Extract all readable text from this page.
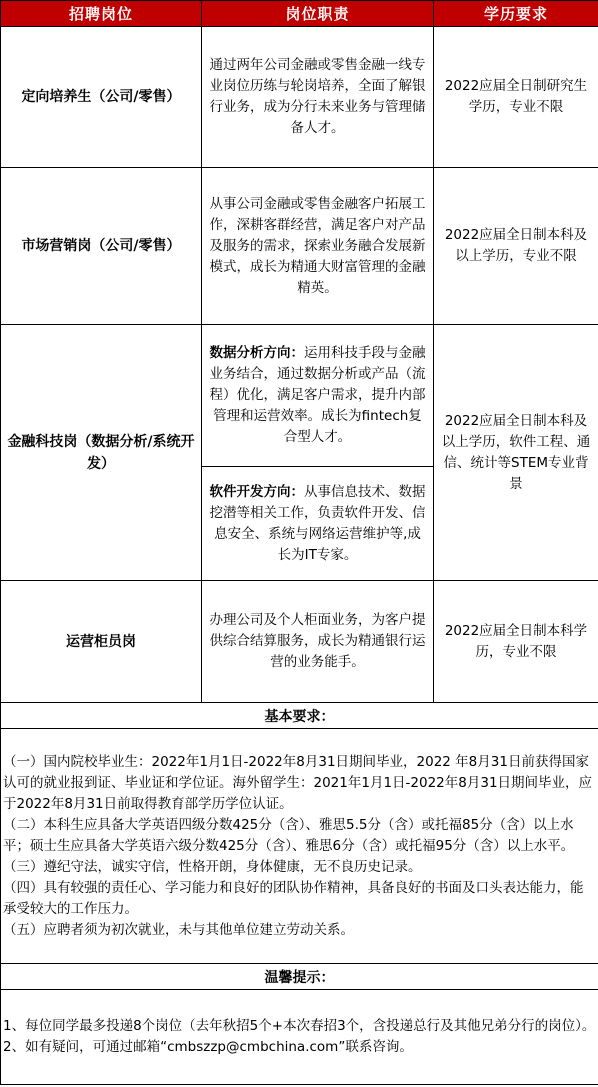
招聘岗位	岗位职责	学历要求
定向培养生（公司/零售）	通过两年公司金融或零售金融一线专业岗位历练与轮岗培养，全面了解银行业务，成为分行未来业务与管理储备人才。	2022应届全日制研究生学历，专业不限
市场营销岗（公司/零售）	从事公司金融或零售金融客户拓展工作，深耕客群经营，满足客户对产品及服务的需求，探索业务融合发展新模式，成长为精通大财富管理的金融精英。	2022应届全日制本科及以上学历，专业不限
金融科技岗（数据分析/系统开发）	数据分析方向：运用科技手段与金融业务结合，通过数据分析或产品（流程）优化，满足客户需求，提升内部管理和运营效率。成长为fintech复合型人才。	2022应届全日制本科及以上学历，软件工程、通信、统计等STEM专业背景
	软件开发方向：从事信息技术、数据挖潜等相关工作，负责软件开发、信息安全、系统与网络运营维护等,成长为IT专家。	
运营柜员岗	办理公司及个人柜面业务，为客户提供综合结算服务，成长为精通银行运营的业务能手。	2022应届全日制本科学历，专业不限
基本要求：		

（一）国内院校毕业生：2022年1月1日-2022年8月31日期间毕业，2022 年8月31日前获得国家认可的就业报到证、毕业证和学位证。海外留学生：2021年1月1日-2022年8月31日期间毕业，应于2022年8月31日前取得教育部学历学位认证。

（二）本科生应具备大学英语四级分数425分（含）、雅思5.5分（含）或托福85分（含）以上水平；硕士生应具备大学英语六级分数425分（含）、雅思6分（含）或托福95分（含）以上水平。

（三）遵纪守法，诚实守信，性格开朗，身体健康，无不良历史记录。

（四）具有较强的责任心、学习能力和良好的团队协作精神，具备良好的书面及口头表达能力，能承受较大的工作压力。

（五）应聘者须为初次就业，未与其他单位建立劳动关系。		

温馨提示：		

1、每位同学最多投递8个岗位（去年秋招5个+本次春招3个，含投递总行及其他兄弟分行的岗位）。

2、如有疑问，可通过邮箱“cmbszzp@cmbchina.com”联系咨询。		
